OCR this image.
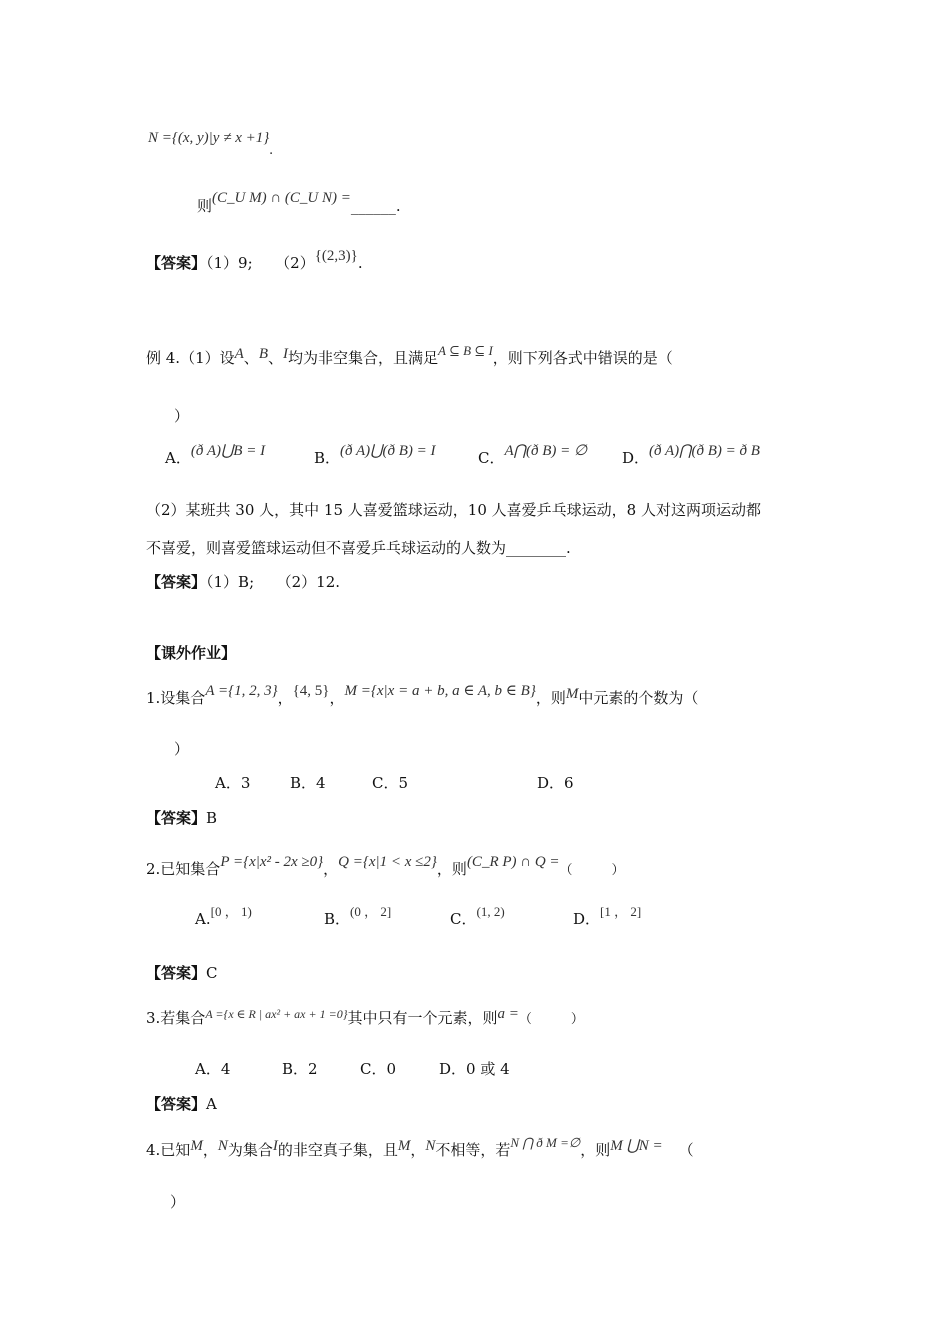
N ={(x, y)|y ≠ x +1}.
则(C_U M) ∩ (C_U N) =______.
【答案】（1）9;　　（2）{(2,3)}.
例 4.（1）设A、B、I均为非空集合，且满足A ⊆ B ⊆ I，则下列各式中错误的是（
）
A．(ð A)⋃B = I	B．(ð A)⋃(ð B) = I	C．A⋂(ð B) = ∅ D．(ð A)⋂(ð B) = ð B
（2）某班共 30 人，其中 15 人喜爱篮球运动，10 人喜爱乒乓球运动，8 人对这两项运动都
不喜爱，则喜爱篮球运动但不喜爱乒乓球运动的人数为________.
【答案】（1）B;　　（2）12.
【课外作业】
1.设集合A ={1, 2, 3}，{4, 5}，M ={x|x = a + b, a ∈ A, b ∈ B}，则M中元素的个数为（
）
A．3	B．4	C．5	D．6
【答案】B
2.已知集合P ={x|x² - 2x ≥0}，Q ={x|1 < x ≤2}，则(C_R P) ∩ Q =（　　　）
A.[0 ， 1)	B．(0 ， 2]	C．(1, 2)	D．[1 ， 2]
【答案】C
3.若集合$^{A =\{x \in R | ax^2 + ax + 1 =0\}}$其中只有一个元素，则a =（　　　）
A．4	B．2	C．0	D．0 或 4
【答案】A
4.已知M，N为集合I的非空真子集，且M，N不相等，若N ⋂ ð M =∅，则M ⋃N = （
）
